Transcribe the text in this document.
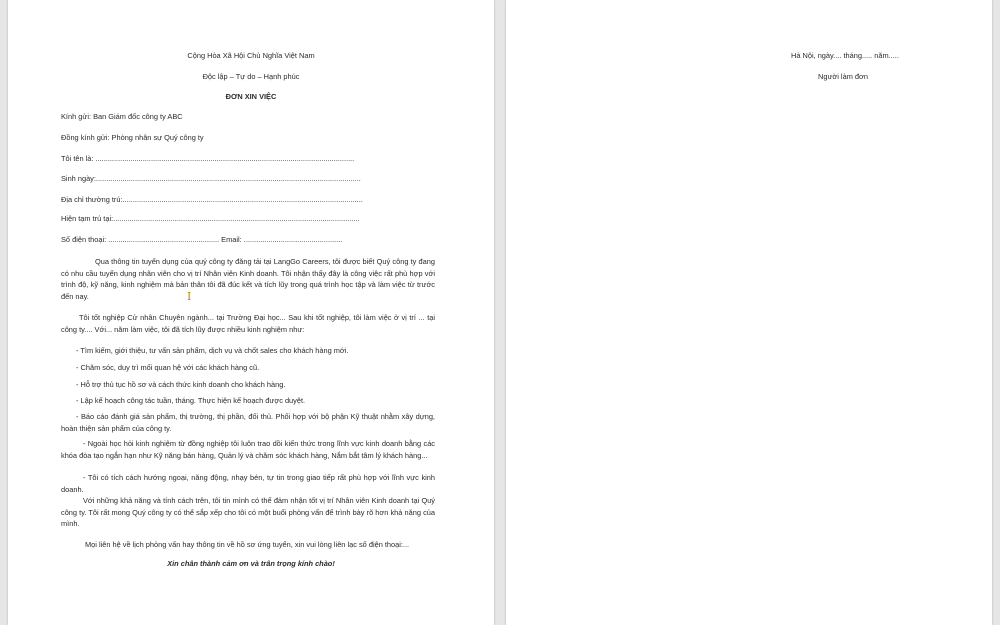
Cộng Hòa Xã Hội Chủ Nghĩa Việt Nam
Độc lập – Tự do – Hạnh phúc
ĐƠN XIN VIỆC
Kính gửi: Ban Giám đốc công ty ABC
Đồng kính gửi: Phòng nhân sự Quý công ty
Tôi tên là: ..............................................................................................................................
Sinh ngày:.................................................................................................................................
Địa chỉ thường trú:.....................................................................................................................
Hiện tạm trú tại:........................................................................................................................
Số điện thoại: ...................................................... Email: ................................................
Qua thông tin tuyển dụng của quý công ty đăng tải tại LangGo Careers, tôi được biết Quý công ty đang có nhu cầu tuyển dụng nhân viên cho vị trí Nhân viên Kinh doanh. Tôi nhận thấy đây là công việc rất phù hợp với trình độ, kỹ năng, kinh nghiệm mà bản thân tôi đã đúc kết và tích lũy trong quá trình học tập và làm việc từ trước đến nay.	I
Tôi tốt nghiệp Cử nhân Chuyên ngành... tại Trường Đại học... Sau khi tốt nghiệp, tôi làm việc ở vị trí ... tại công ty.... Với... năm làm việc, tôi đã tích lũy được nhiều kinh nghiệm như:
- Tìm kiếm, giới thiệu, tư vấn sản phẩm, dịch vụ và chốt sales cho khách hàng mới.
- Chăm sóc, duy trì mối quan hệ với các khách hàng cũ.
- Hỗ trợ thủ tục hồ sơ và cách thức kinh doanh cho khách hàng.
- Lập kế hoạch công tác tuần, tháng. Thực hiện kế hoạch được duyệt.
- Báo cáo đánh giá sản phẩm, thị trường, thị phần, đối thủ. Phối hợp với bộ phận Kỹ thuật nhằm xây dựng, hoàn thiện sản phẩm của công ty.
- Ngoài học hỏi kinh nghiệm từ đồng nghiệp tôi luôn trao dồi kiến thức trong lĩnh vực kinh doanh bằng các khóa đòa tạo ngắn hạn như Kỹ năng bán hàng, Quản lý và chăm sóc khách hàng, Nắm bắt tâm lý khách hàng...
- Tôi có tích cách hướng ngoại, năng động, nhạy bén, tự tin trong giao tiếp rất phù hợp với lĩnh vực kinh doanh.
Với những khả năng và tính cách trên, tôi tin mình có thể đảm nhận tốt vị trí Nhân viên Kinh doanh tại Quý công ty. Tôi rất mong Quý công ty có thể sắp xếp cho tôi có một buổi phỏng vấn để trình bày rõ hơn khả năng của mình.
Mọi liên hệ về lịch phỏng vấn hay thông tin về hồ sơ ứng tuyển, xin vui lòng liên lạc số điện thoại:...
Xin chân thành cảm ơn và trân trọng kính chào!
Hà Nội, ngày.... tháng..... năm.....
Người làm đơn
